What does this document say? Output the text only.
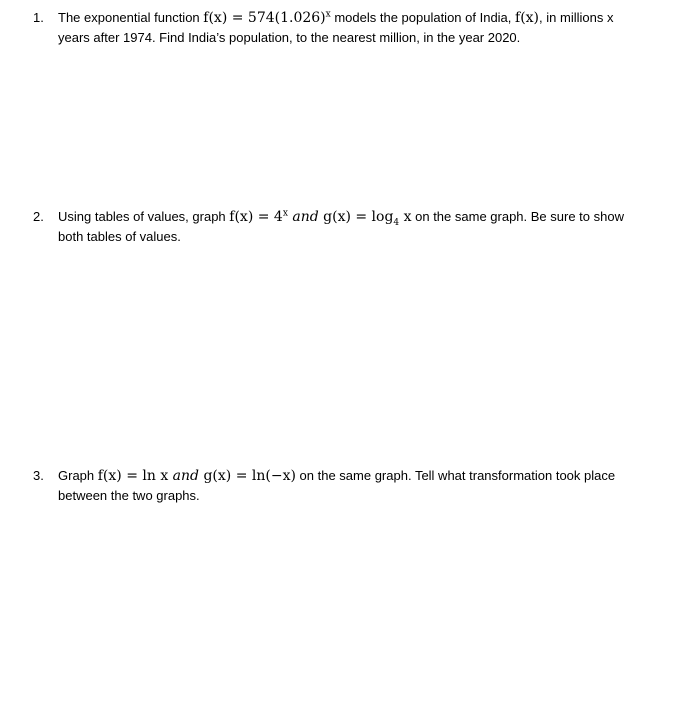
1.	The exponential function $f(x) = 574(1.026)^x$ models the population of India, f(x), in millions x years after 1974. Find India’s population, to the nearest million, in the year 2020.
2.	Using tables of values, graph $f(x) = 4^x$ and $g(x) = \log_4 x$ on the same graph. Be sure to show both tables of values.
3.	Graph f(x) = ln x and g(x) = ln(−x) on the same graph. Tell what transformation took place between the two graphs.
